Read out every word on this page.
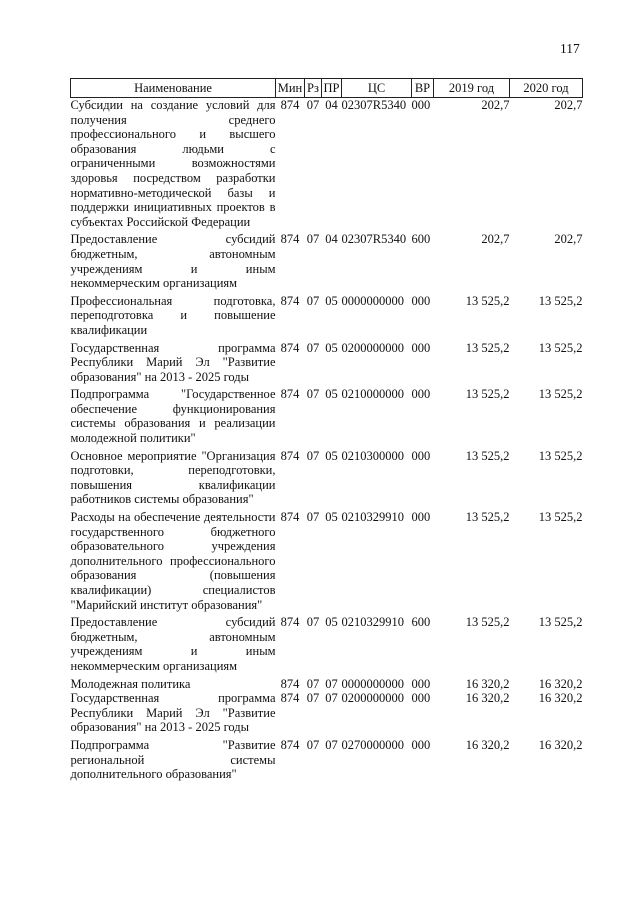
117
Наименование	Мин	Рз	ПР	ЦС	ВР	2019 год	2020 год
Субсидии на создание условий для получения среднего профессионального и высшего образования людьми с ограниченными возможностями здоровья посредством разработки нормативно-методической базы и поддержки инициативных проектов в субъектах Российской Федерации	874	07	04	02307R5340	000	202,7	202,7
Предоставление субсидий бюджетным, автономным учреждениям и иным некоммерческим организациям	874	07	04	02307R5340	600	202,7	202,7
Профессиональная подготовка, переподготовка и повышение квалификации	874	07	05	0000000000	000	13 525,2	13 525,2
Государственная программа Республики Марий Эл "Развитие образования" на 2013 - 2025 годы	874	07	05	0200000000	000	13 525,2	13 525,2
Подпрограмма "Государственное обеспечение функционирования системы образования и реализации молодежной политики"	874	07	05	0210000000	000	13 525,2	13 525,2
Основное мероприятие "Организация подготовки, переподготовки, повышения квалификации работников системы образования"	874	07	05	0210300000	000	13 525,2	13 525,2
Расходы на обеспечение деятельности государственного бюджетного образовательного учреждения дополнительного профессионального образования (повышения квалификации) специалистов "Марийский институт образования"	874	07	05	0210329910	000	13 525,2	13 525,2
Предоставление субсидий бюджетным, автономным учреждениям и иным некоммерческим организациям	874	07	05	0210329910	600	13 525,2	13 525,2
Молодежная политика	874	07	07	0000000000	000	16 320,2	16 320,2
Государственная программа Республики Марий Эл "Развитие образования" на 2013 - 2025 годы	874	07	07	0200000000	000	16 320,2	16 320,2
Подпрограмма "Развитие региональной системы дополнительного образования"	874	07	07	0270000000	000	16 320,2	16 320,2
